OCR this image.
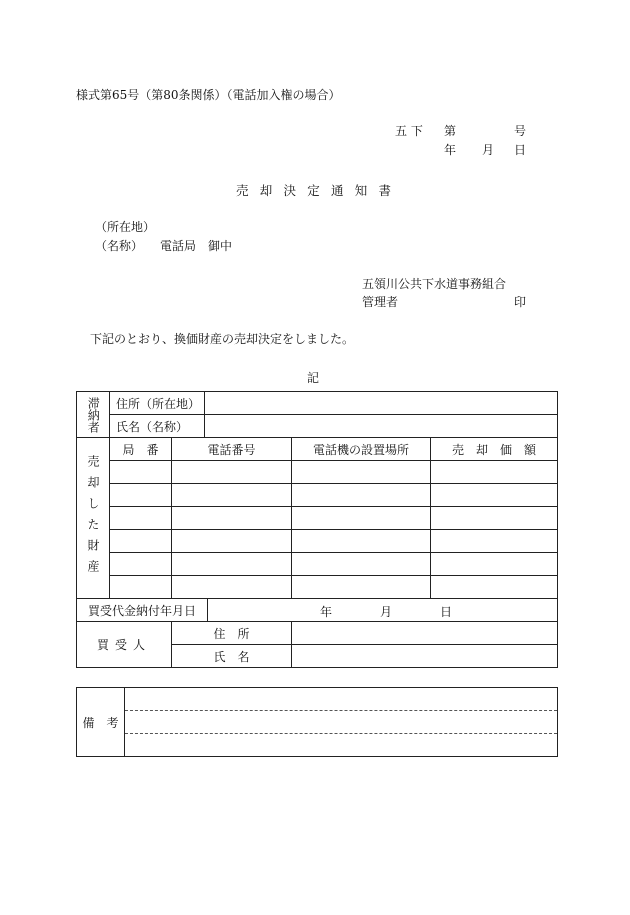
様式第65号（第80条関係）（電話加入権の場合）
五 下 第	号
年 月 日
売却決定通知書
（所在地）
（名称） 電話局　御中
五領川公共下水道事務組合
管理者	印
下記のとおり、換価財産の売却決定をしました。
記
滞納者	住所（所在地）					
	氏名（名称）					

売却した財産	局　番	電話番号			電話機の設置場所	売　却　価　額

買受代金納付年月日				年 月 日		

買受人		住　所				
		氏　名				
備　考	
